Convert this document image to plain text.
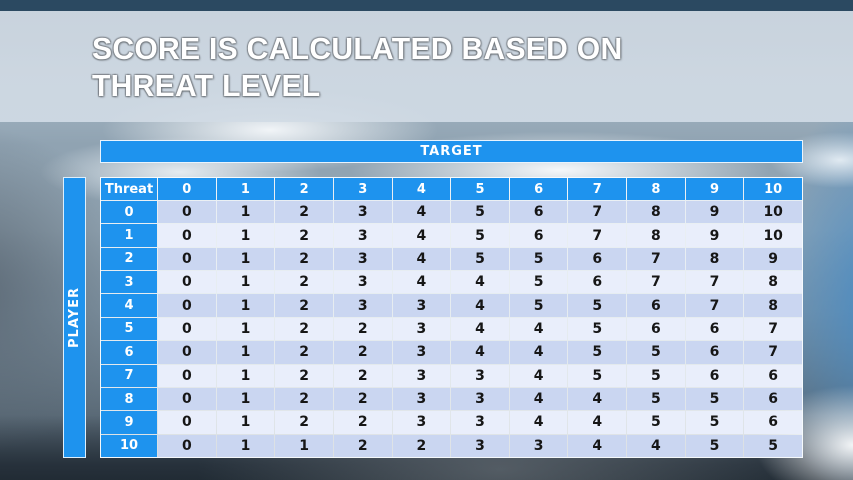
SCORE IS CALCULATED BASED ON
THREAT LEVEL
TARGET
PLAYER
Threat	0	1	2	3	4	5	6	7	8	9	10
0	0	1	2	3	4	5	6	7	8	9	10
1	0	1	2	3	4	5	6	7	8	9	10
2	0	1	2	3	4	5	5	6	7	8	9
3	0	1	2	3	4	4	5	6	7	7	8
4	0	1	2	3	3	4	5	5	6	7	8
5	0	1	2	2	3	4	4	5	6	6	7
6	0	1	2	2	3	4	4	5	5	6	7
7	0	1	2	2	3	3	4	5	5	6	6
8	0	1	2	2	3	3	4	4	5	5	6
9	0	1	2	2	3	3	4	4	5	5	6
10	0	1	1	2	2	3	3	4	4	5	5
